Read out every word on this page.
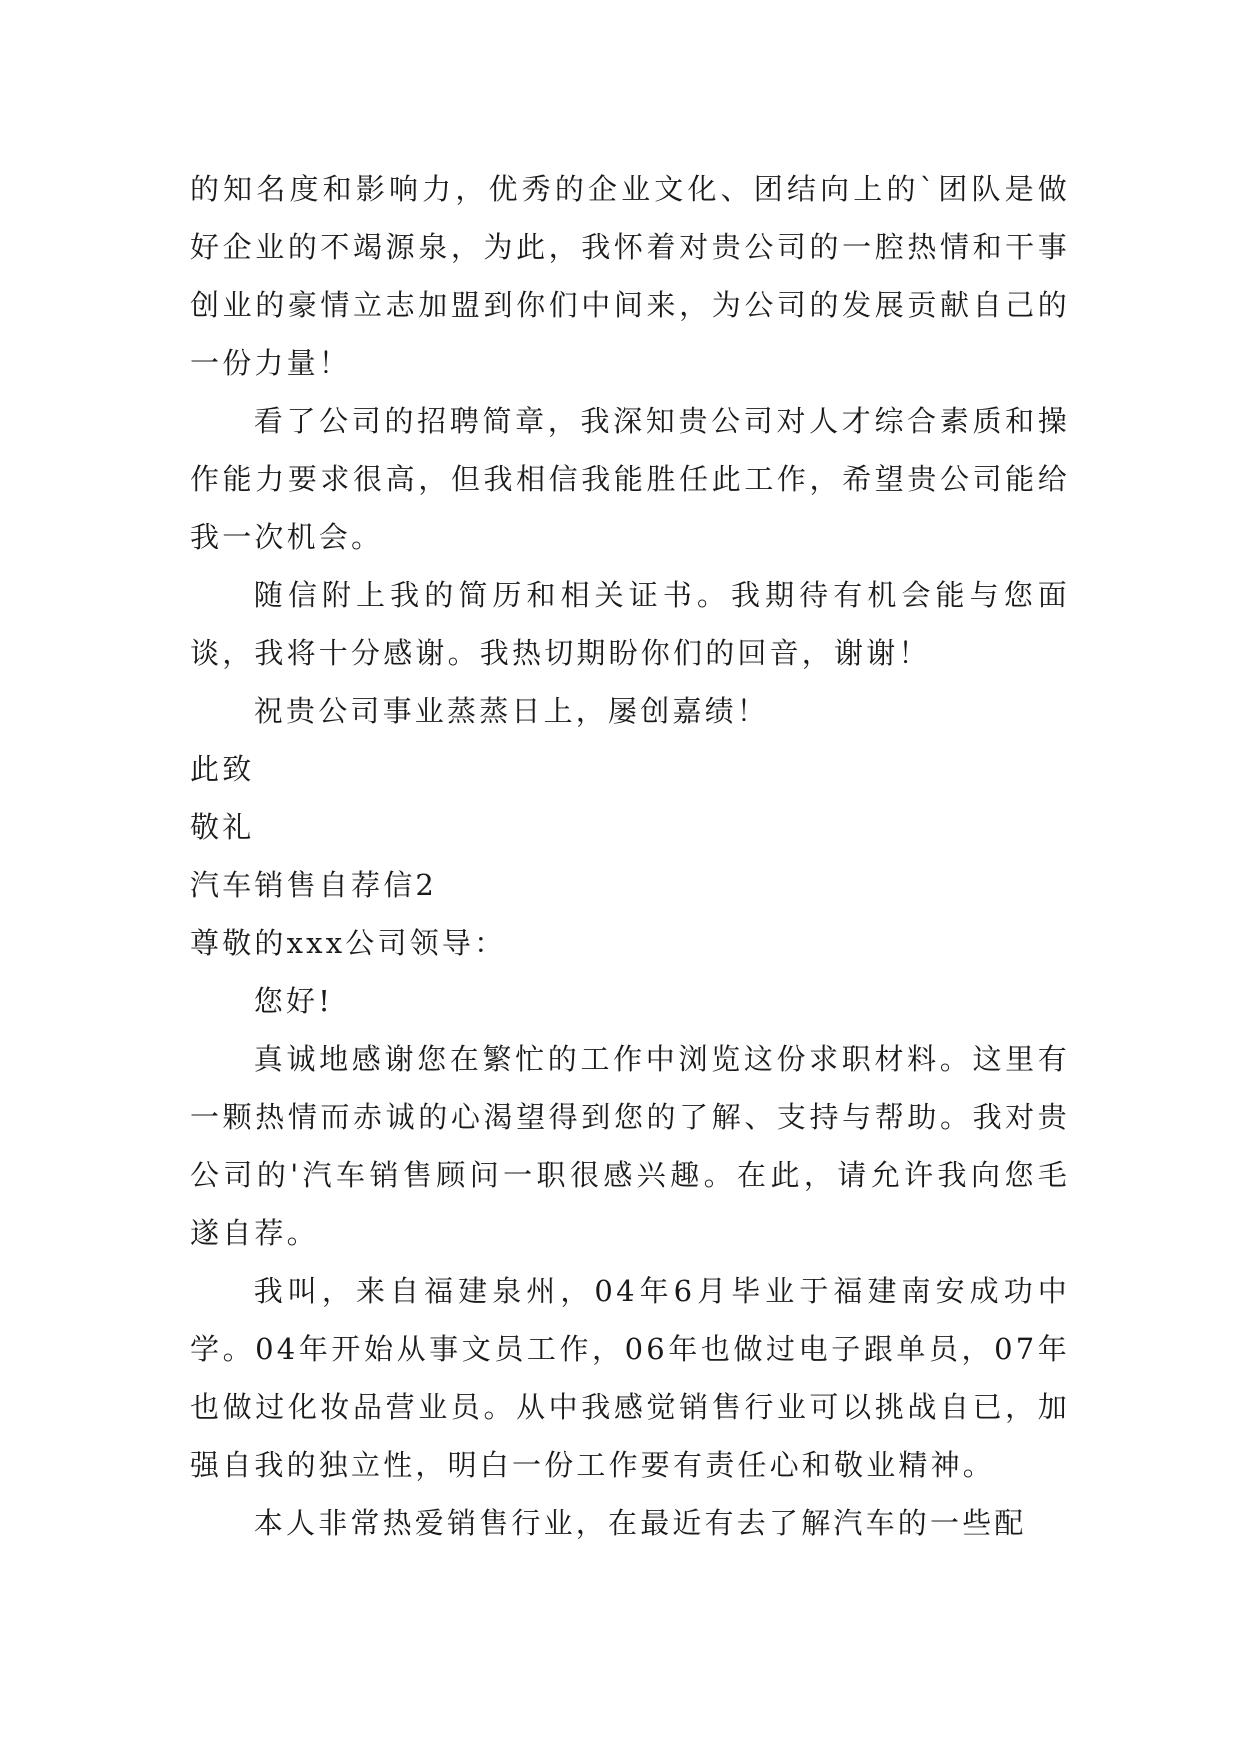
的知名度和影响力，优秀的企业文化、团结向上的`团队是做好企业的不竭源泉，为此，我怀着对贵公司的一腔热情和干事创业的豪情立志加盟到你们中间来，为公司的发展贡献自己的一份力量！

看了公司的招聘简章，我深知贵公司对人才综合素质和操作能力要求很高，但我相信我能胜任此工作，希望贵公司能给我一次机会。

随信附上我的简历和相关证书。我期待有机会能与您面谈，我将十分感谢。我热切期盼你们的回音，谢谢！

祝贵公司事业蒸蒸日上，屡创嘉绩！

此致

敬礼

汽车销售自荐信2

尊敬的xxx公司领导：

您好!

真诚地感谢您在繁忙的工作中浏览这份求职材料。这里有一颗热情而赤诚的心渴望得到您的了解、支持与帮助。我对贵公司的'汽车销售顾问一职很感兴趣。在此，请允许我向您毛遂自荐。

我叫，来自福建泉州，04年6月毕业于福建南安成功中学。04年开始从事文员工作，06年也做过电子跟单员，07年也做过化妆品营业员。从中我感觉销售行业可以挑战自已，加强自我的独立性，明白一份工作要有责任心和敬业精神。

本人非常热爱销售行业，在最近有去了解汽车的一些配
